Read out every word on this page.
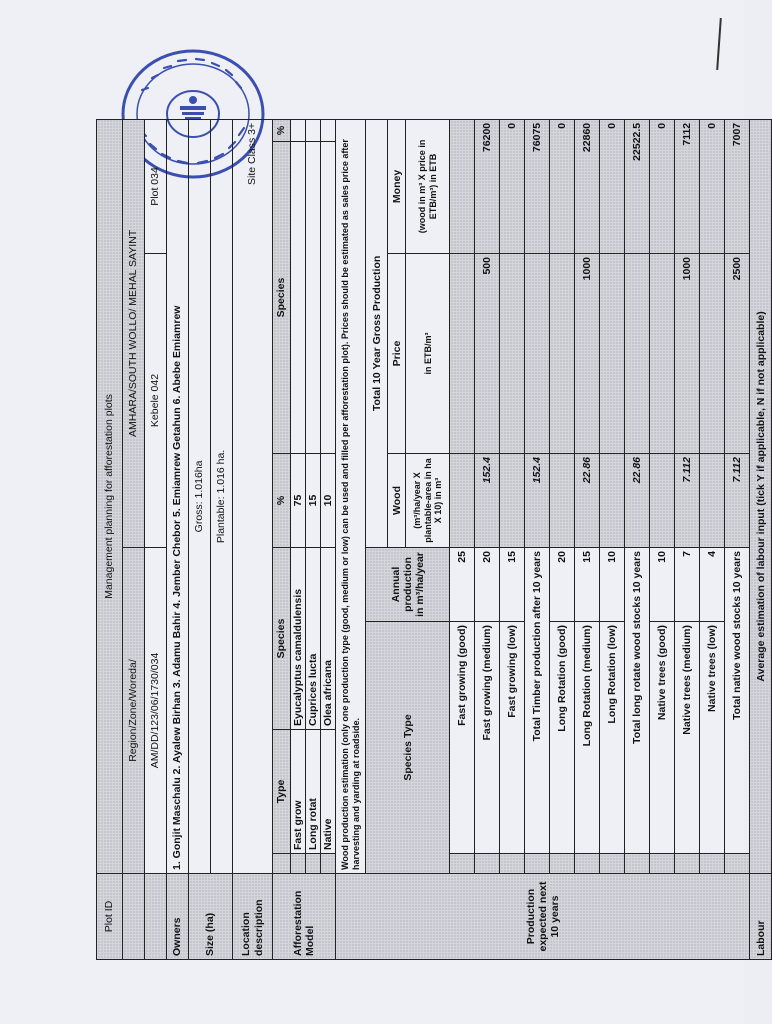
Plot ID	Management planning for afforestation plots							
	Region/Zone/Woreda/				AMHARA/SOUTH WOLLO/ MEHAL SAYINT			
	AM/DD/123/06/1730/034				Kebele 042		Plot 034	
Owners	1. Gonjit Maschalu 2. Ayalew Birhan 3. Adamu Bahir 4. Jember Chebor 5. Emiamrew Getahun 6. Abebe Emiamrew							
Size (ha)	Gross: 1.016ha							
	Plantable: 1.016 ha.							
Location description	Site Class 3+							
Afforestation Model		Type	Species		%	Species		%
		Fast grow	Eyucalyptus camaldulensis		75			
		Long rotat	Cuprices lucta		15			
		Native	Olea africana		10			
Production expected next 10 years	Wood production estimation (only one production type (good, medium or low) can be used and filled per afforestation plot). Prices should be estimated as sales price after harvesting and yarding at roadside.							
	Species Type			Annual production in m³/ha/year	Total 10 Year Gross Production			
					Wood	Price	Money	
					(m³/ha/year X plantable-area in ha X 10) in m³	in ETB/m³	(wood in m³ X price in ETB/m³) in ETB	
		Fast growing (good)		25				
		Fast growing (medium)		20	152.4	500	76200	
		Fast growing (low)		15			0	
		Total Timber production after 10 years			152.4		76075	
		Long Rotation (good)		20			0	
		Long Rotation (medium)		15	22.86	1000	22860	
		Long Rotation (low)		10			0	
		Total long rotate wood stocks 10 years			22.86		22522.5	
		Native trees (good)		10			0	
		Native trees (medium)		7	7.112	1000	7112	
		Native trees (low)		4			0	
		Total native wood stocks 10 years			7.112	2500	7007	
Labour	Average estimation of labour input (tick Y if applicable, N if not applicable)							
